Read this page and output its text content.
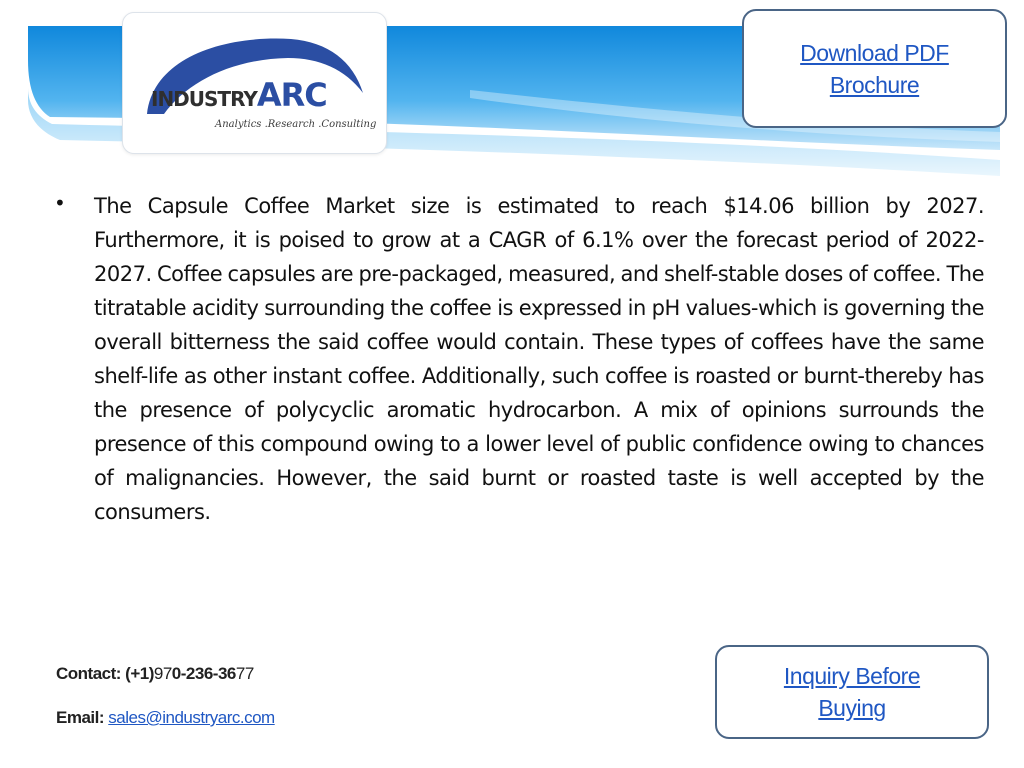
INDUSTRYARC
Analytics .Research .Consulting
Download PDF Brochure
• The Capsule Coffee Market size is estimated to reach $14.06 billion by 2027. Furthermore, it is poised to grow at a CAGR of 6.1% over the forecast period of 2022-2027. Coffee capsules are pre-packaged, measured, and shelf-stable doses of coffee. The titratable acidity surrounding the coffee is expressed in pH values-which is governing the overall bitterness the said coffee would contain. These types of coffees have the same shelf-life as other instant coffee. Additionally, such coffee is roasted or burnt-thereby has the presence of polycyclic aromatic hydrocarbon. A mix of opinions surrounds the presence of this compound owing to a lower level of public confidence owing to chances of malignancies. However, the said burnt or roasted taste is well accepted by the consumers.

Contact: (+1)970-236-3677
Email: sales@industryarc.com
Inquiry Before Buying
